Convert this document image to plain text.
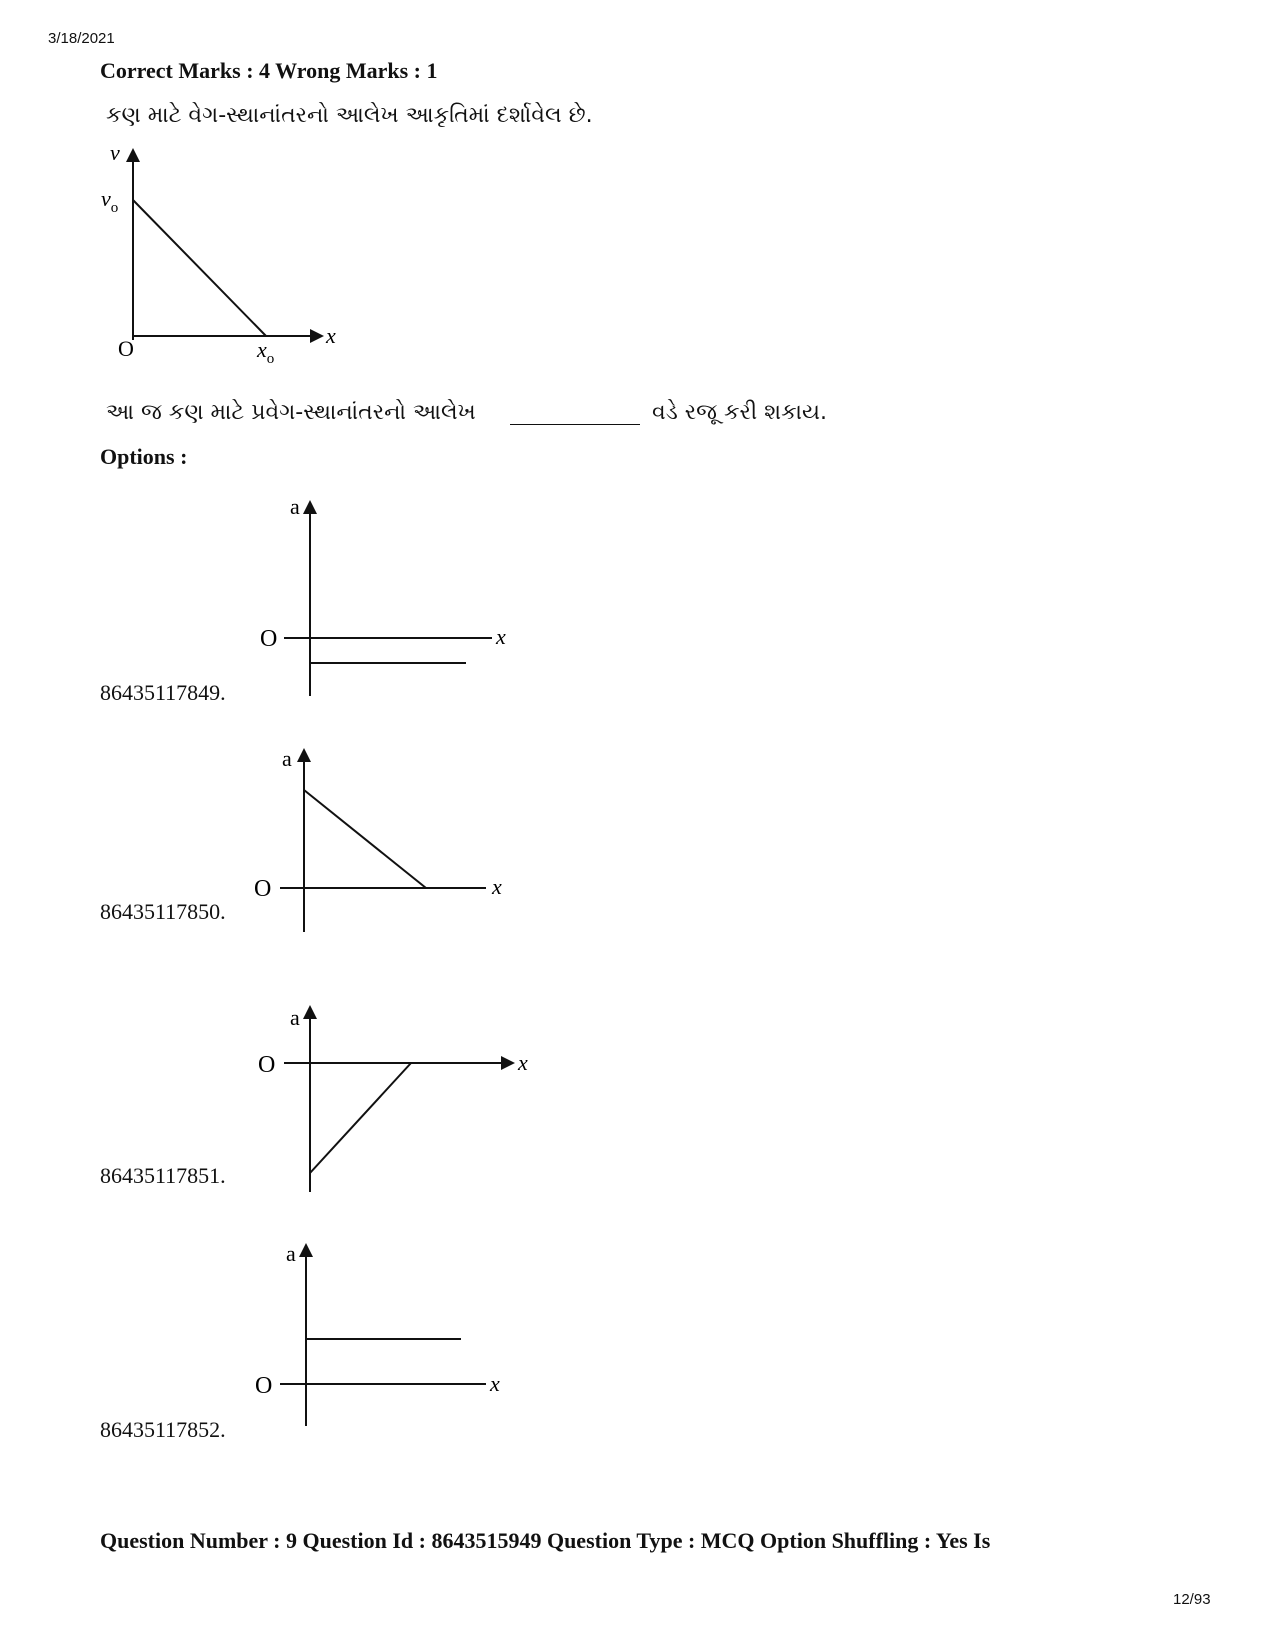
3/18/2021
Correct Marks : 4 Wrong Marks : 1
કણ માટે વેગ-સ્થાનાંતરનો આલેખ આકૃતિમાં દર્શાવેલ છે.
v
$v_o$
O	$x_o$
x
આ જ કણ માટે પ્રવેગ-સ્થાનાંતરનો આલેખ	વડે રજૂ કરી શકાય.
Options :
a
O	x
86435117849.
a
O	x
86435117850.
a
O	x
86435117851.
a
O	x
86435117852.
Question Number : 9 Question Id : 8643515949 Question Type : MCQ Option Shuffling : Yes Is
12/93
